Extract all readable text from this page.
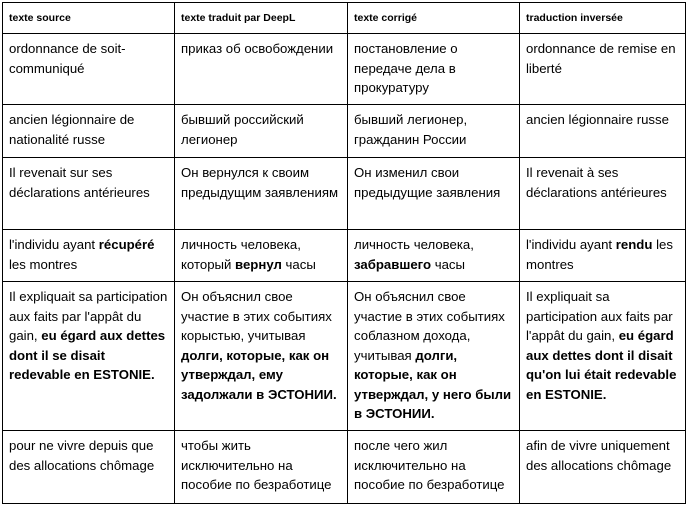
texte source	texte traduit par DeepL	texte corrigé	traduction inversée
ordonnance de soit-communiqué	приказ об освобождении	постановление о передаче дела в прокуратуру	ordonnance de remise en liberté
ancien légionnaire de nationalité russe	бывший российский легионер	бывший легионер, гражданин России	ancien légionnaire russe
Il revenait sur ses déclarations antérieures	Он вернулся к своим предыдущим заявлениям	Он изменил свои предыдущие заявления	Il revenait à ses déclarations antérieures
l'individu ayant récupéré les montres	личность человека, который вернул часы	личность человека, забравшего часы	l'individu ayant rendu les montres
Il expliquait sa participation aux faits par l'appât du gain, eu égard aux dettes dont il se disait redevable en ESTONIE.	Он объяснил свое участие в этих событиях корыстью, учитывая долги, которые, как он утверждал, ему задолжали в ЭСТОНИИ.	Он объяснил свое участие в этих событиях соблазном дохода, учитывая долги, которые, как он утверждал, у него были в ЭСТОНИИ.	Il expliquait sa participation aux faits par l'appât du gain, eu égard aux dettes dont il disait qu'on lui était redevable en ESTONIE.
pour ne vivre depuis que des allocations chômage	чтобы жить исключительно на пособие по безработице	после чего жил исключительно на пособие по безработице	afin de vivre uniquement des allocations chômage
